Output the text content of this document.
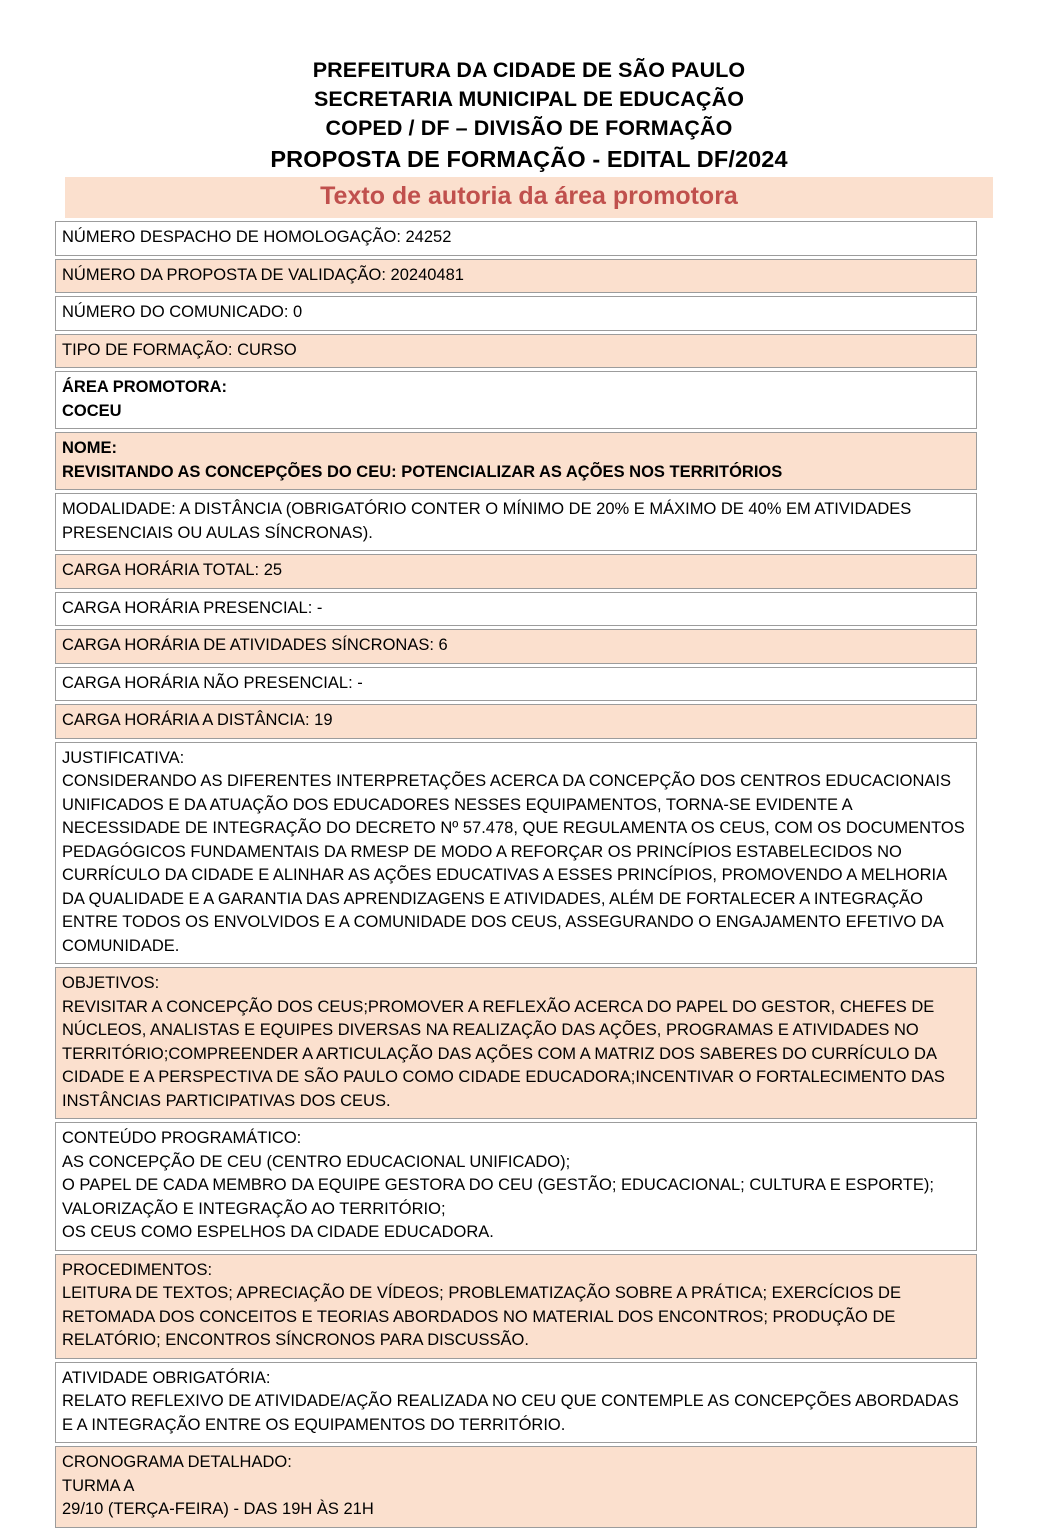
PREFEITURA DA CIDADE DE SÃO PAULO
SECRETARIA MUNICIPAL DE EDUCAÇÃO
COPED / DF – DIVISÃO DE FORMAÇÃO
PROPOSTA DE FORMAÇÃO - EDITAL DF/2024
Texto de autoria da área promotora
NÚMERO DESPACHO DE HOMOLOGAÇÃO: 24252

NÚMERO DA PROPOSTA DE VALIDAÇÃO: 20240481

NÚMERO DO COMUNICADO: 0

TIPO DE FORMAÇÃO: CURSO

ÁREA PROMOTORA:
COCEU

NOME:
REVISITANDO AS CONCEPÇÕES DO CEU: POTENCIALIZAR AS AÇÕES NOS TERRITÓRIOS

MODALIDADE: A DISTÂNCIA (OBRIGATÓRIO CONTER O MÍNIMO DE 20% E MÁXIMO DE 40% EM ATIVIDADES PRESENCIAIS OU AULAS SÍNCRONAS).

CARGA HORÁRIA TOTAL: 25

CARGA HORÁRIA PRESENCIAL: -

CARGA HORÁRIA DE ATIVIDADES SÍNCRONAS: 6

CARGA HORÁRIA NÃO PRESENCIAL: -

CARGA HORÁRIA A DISTÂNCIA: 19

JUSTIFICATIVA:
CONSIDERANDO AS DIFERENTES INTERPRETAÇÕES ACERCA DA CONCEPÇÃO DOS CENTROS EDUCACIONAIS UNIFICADOS E DA ATUAÇÃO DOS EDUCADORES NESSES EQUIPAMENTOS, TORNA-SE EVIDENTE A NECESSIDADE DE INTEGRAÇÃO DO DECRETO Nº 57.478, QUE REGULAMENTA OS CEUS, COM OS DOCUMENTOS PEDAGÓGICOS FUNDAMENTAIS DA RMESP DE MODO A REFORÇAR OS PRINCÍPIOS ESTABELECIDOS NO CURRÍCULO DA CIDADE E ALINHAR AS AÇÕES EDUCATIVAS A ESSES PRINCÍPIOS, PROMOVENDO A MELHORIA DA QUALIDADE E A GARANTIA DAS APRENDIZAGENS E ATIVIDADES, ALÉM DE FORTALECER A INTEGRAÇÃO ENTRE TODOS OS ENVOLVIDOS E A COMUNIDADE DOS CEUS, ASSEGURANDO O ENGAJAMENTO EFETIVO DA COMUNIDADE.

OBJETIVOS:
REVISITAR A CONCEPÇÃO DOS CEUS;PROMOVER A REFLEXÃO ACERCA DO PAPEL DO GESTOR, CHEFES DE NÚCLEOS, ANALISTAS E EQUIPES DIVERSAS NA REALIZAÇÃO DAS AÇÕES, PROGRAMAS E ATIVIDADES NO TERRITÓRIO;COMPREENDER A ARTICULAÇÃO DAS AÇÕES COM A MATRIZ DOS SABERES DO CURRÍCULO DA CIDADE E A PERSPECTIVA DE SÃO PAULO COMO CIDADE EDUCADORA;INCENTIVAR O FORTALECIMENTO DAS INSTÂNCIAS PARTICIPATIVAS DOS CEUS.

CONTEÚDO PROGRAMÁTICO:
AS CONCEPÇÃO DE CEU (CENTRO EDUCACIONAL UNIFICADO);
O PAPEL DE CADA MEMBRO DA EQUIPE GESTORA DO CEU (GESTÃO; EDUCACIONAL; CULTURA E ESPORTE);
VALORIZAÇÃO E INTEGRAÇÃO AO TERRITÓRIO;
OS CEUS COMO ESPELHOS DA CIDADE EDUCADORA.

PROCEDIMENTOS:
LEITURA DE TEXTOS; APRECIAÇÃO DE VÍDEOS; PROBLEMATIZAÇÃO SOBRE A PRÁTICA; EXERCÍCIOS DE RETOMADA DOS CONCEITOS E TEORIAS ABORDADOS NO MATERIAL DOS ENCONTROS; PRODUÇÃO DE RELATÓRIO; ENCONTROS SÍNCRONOS PARA DISCUSSÃO.

ATIVIDADE OBRIGATÓRIA:
RELATO REFLEXIVO DE ATIVIDADE/AÇÃO REALIZADA NO CEU QUE CONTEMPLE AS CONCEPÇÕES ABORDADAS E A INTEGRAÇÃO ENTRE OS EQUIPAMENTOS DO TERRITÓRIO.

CRONOGRAMA DETALHADO:
TURMA A
29/10 (TERÇA-FEIRA) - DAS 19H ÀS 21H
